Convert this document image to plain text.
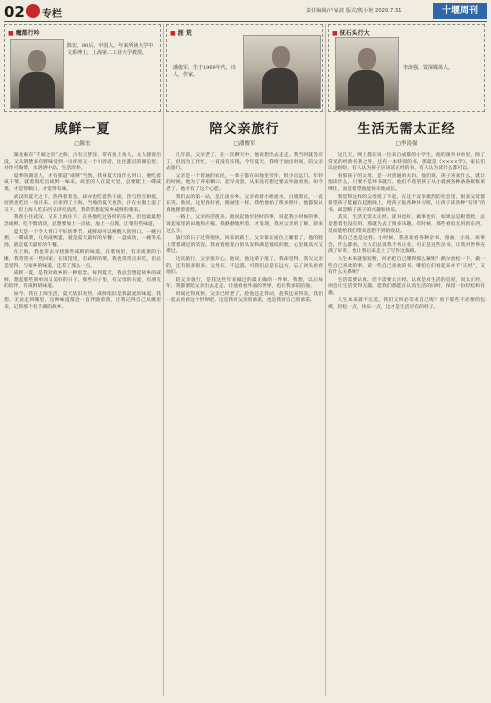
02 专栏	责任编辑/卢家波 版式/熊小艳 2020.7.31	十堰周刊
■ 魔都行吟
陈宏，80后，中国人。年来所读大学中文系博士，上海第二工业大学教授。
咸鲜一夏
□陈宏

湖北素有“千湖之省”之称，古有云梦泽，常有鱼上角人，文人骚客出没。又从荆楚多有野味受到一川祥亮又一个川淳者，往往都点的湖泊里，并作可淘菜，水溶溶中品，生活淳朴。

夏季的湖北人，才有那道“咸鲜”当然。我身夏天没什么胃口，便吃着咸干菜，就着饭吃出咸鲜一味来。故里的人在夏天里，总要配上一碟咸菜，才觉得顺口，才觉得有味。

武汉的夏天之下，热得着着急，却亦也吃着热干面，热与热互相抵，居然也吃出一身汗来。后来到了上海，当地的夏天也热，汗在衣服上湿了又干，但上海人吃东西又讲究清淡，我常常想起家乡咸鲜的菜来。

我曾小住武汉，又在上海住下，在各地吃过各样的东西，但也最最想念咸鲜，吃不惯清淡，总想要加上一点盐，加上一点酱，让菜有些味道。

夏天是一个令人胃口不好的季节，咸鲜却可以唤醒人的胃口。一碗白粥，一碟咸菜，几块咸鸭蛋，就是夏天最好的早餐；一盘咸鱼，一碗冬瓜汤，就是夏天最好的午餐。

在上海，我也常去寻找那些咸鲜的味道。在菜场里，有卖咸菜的小摊，我常常买一些回家；在饭馆里，有咸鲜的菜，我也常常点来吃。但总是觉得，与家乡的味道，还差了那么一点。

咸鲜一夏，是我对故乡的一种思念。每到夏天，我总会想起故乡的咸鲜，想起那些简单而又美好的日子。那些日子里，有父母的关爱，有朋友的陪伴，有咸鲜的味道。

如今，我在上海生活，夏天依旧炎热，咸鲜依旧是我最爱的味道。我想，无论走到哪里，这种味道都会一直伴随着我，让我记得自己从哪里来，记得那个有千湖的故乡。

■ 涯 荒
潘俊军，生于1969年代，诗人，作家。
陪父亲旅行
□潘俊军

几年前，父亲老了，在一次聊天中，他说想出去走走。我当时就答应了，但因为工作忙，一直没有实现。今年夏天，我终于抽出时间，陪父亲去旅行。

父亲是一个普通的农民，一辈子都在田地里劳作，很少出远门。年轻的时候，他为了养家糊口，起早贪黑，从来没有想过要去外面看看。如今老了，他才有了这个心愿。

我们去的第一站，是江南水乡。父亲看着小桥流水，白墙黑瓦，一直在笑。他说，这里真好看，跟画里一样。我给他拍了很多照片，他都很认真地摆着姿势。

一路上，父亲的话很多。他说起他年轻时的事，说起我小时候的事，说起家里的田地和庄稼。我静静地听着，才发现，我对父亲的了解，原来这么少。

旅行的日子过得很快。回来的路上，父亲靠在座位上睡着了，他的脸上带着满足的笑容。我看着他花白的头发和满是皱纹的脸，心里既高兴又难过。

这次旅行，父亲很开心。他说，他这辈子值了。我却觉得，我欠父亲的，还有很多很多。父母在，不远游。可我们总是在远方，忘了回头看看他们。

陪父亲旅行，是我这些年来做过的最正确的一件事。我想，以后每年，我都要陪父亲出去走走，让他看看外面的世界，也让我多陪陪他。

时间过得真快，父亲已经老了。趁他还走得动，趁我还来得及，我们一起去看看这个世界吧。这是我对父亲的承诺，也是我对自己的承诺。

■ 抚石头行大
李涛强，资深媒体人。
生活无需太正经
□李涛强

这几天，网上都在说一位来自成都的小学生。他的课外书单里，除了常见的经典名著之外，还有一本特别的书，那就是《××××学》。家长们议论纷纷，有人认为孩子应该读正经的书，有人认为读什么都可以。

看那孩子的父母，是一对普通的夫妇。他们说，孩子喜欢什么，就让他读什么，只要不是坏书就行。他们不希望孩子从小就被各种条条框框束缚住，而是希望他能快乐地成长。

我觉得这样的父母很了不起。在这个竞争激烈的社会里，很多父母都希望孩子能赢在起跑线上，给孩子报各种补习班，让孩子读各种“有用”的书，却忽略了孩子的兴趣和快乐。

其实，生活无需太正经。读书也好，做事也好，如果总是板着脸，总是想着有没有用，那就失去了很多乐趣。有时候，那些看似无用的东西，反而能给我们带来意想不到的收获。

我自己也是这样。小时候，我喜欢看各种杂书，漫画、小说、故事会，什么都看。大人们总说我不务正业，可正是这些杂书，让我对世界充满了好奇，也让我后来走上了写作这条路。

人生本来就很短暂，何必把自己绷得那么紧呢？偶尔放松一下，做一些自己喜欢的事，读一些自己喜欢的书，哪怕它们看起来并不“正经”，又有什么关系呢？

生活需要认真，但不需要太正经。认真是对生活的态度，而太正经，则会让生活变得无趣。愿我们都能在认真生活的同时，保留一份轻松和有趣。

人生本来就不完美，我们又何必苛求自己呢？放下那些不必要的包袱，轻松一点，快乐一点，这才是生活应有的样子。
